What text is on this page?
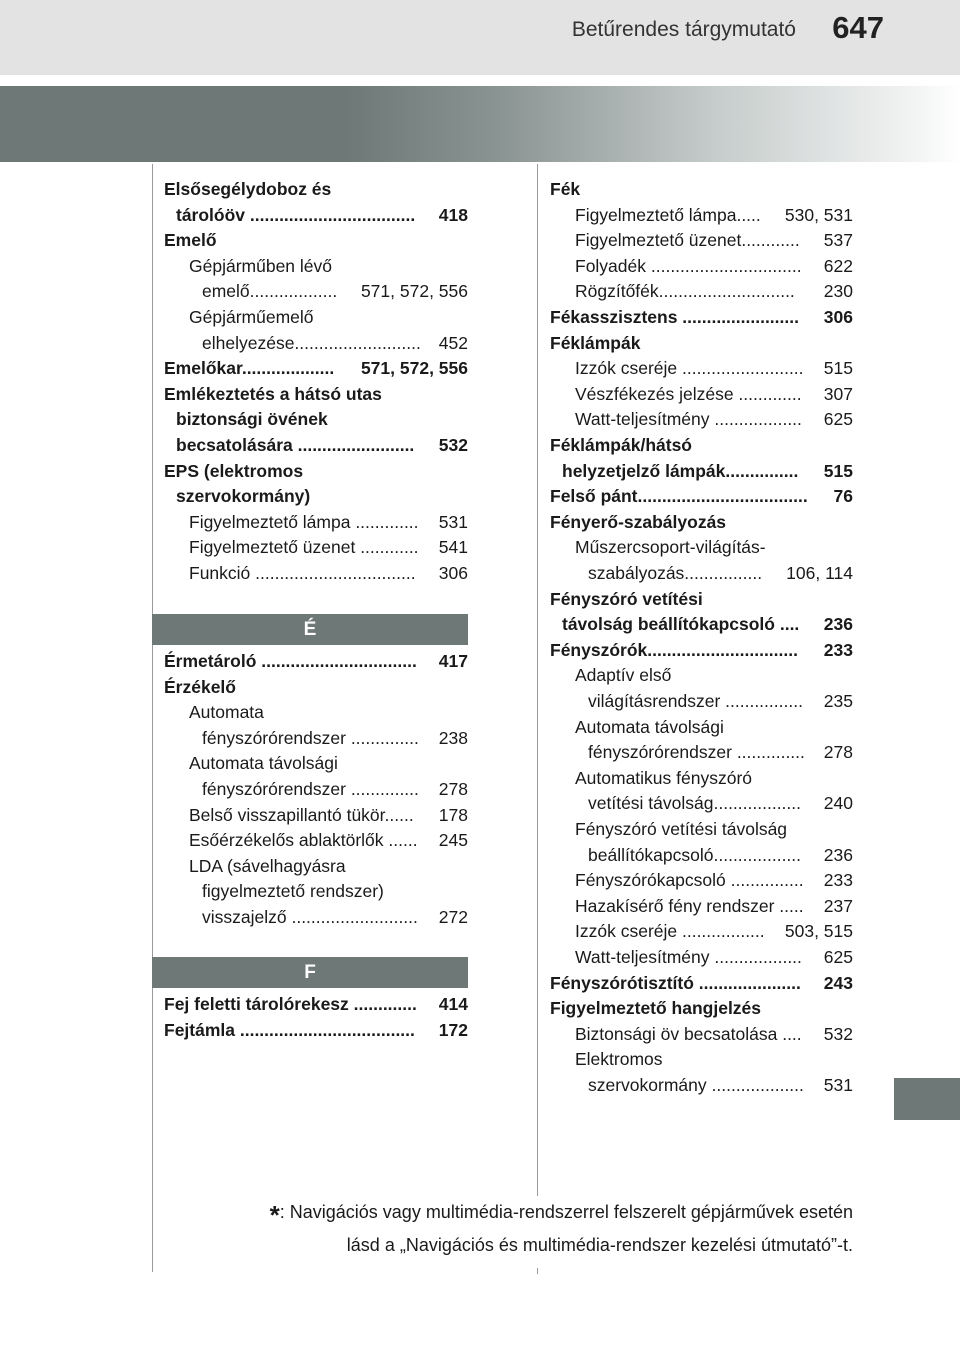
Betűrendes tárgymutató 647
Elsősegélydoboz és
tárolóöv .................................. 418
Emelő
Gépjárműben lévő
emelő.................. 571, 572, 556
Gépjárműemelő
elhelyezése.......................... 452
Emelőkar................... 571, 572, 556
Emlékeztetés a hátsó utas
biztonsági övének
becsatolására ........................ 532
EPS (elektromos
szervokormány)
Figyelmeztető lámpa ............. 531
Figyelmeztető üzenet ............ 541
Funkció ................................. 306
É
Érmetároló ................................ 417
Érzékelő
Automata
fényszórórendszer .............. 238
Automata távolsági
fényszórórendszer .............. 278
Belső visszapillantó tükör...... 178
Esőérzékelős ablaktörlők ...... 245
LDA (sávelhagyásra
figyelmeztető rendszer)
visszajelző .......................... 272
F
Fej feletti tárolórekesz ............. 414
Fejtámla .................................... 172
Fék
Figyelmeztető lámpa..... 530, 531
Figyelmeztető üzenet............ 537
Folyadék ............................... 622
Rögzítőfék............................ 230
Fékasszisztens ........................ 306
Féklámpák
Izzók cseréje ......................... 515
Vészfékezés jelzése ............. 307
Watt-teljesítmény .................. 625
Féklámpák/hátsó
helyzetjelző lámpák............... 515
Felső pánt................................... 76
Fényerő-szabályozás
Műszercsoport-világítás-
szabályozás................ 106, 114
Fényszóró vetítési
távolság beállítókapcsoló .... 236
Fényszórók............................... 233
Adaptív első
világításrendszer ................ 235
Automata távolsági
fényszórórendszer .............. 278
Automatikus fényszóró
vetítési távolság.................. 240
Fényszóró vetítési távolság
beállítókapcsoló.................. 236
Fényszórókapcsoló ............... 233
Hazakísérő fény rendszer ..... 237
Izzók cseréje ................. 503, 515
Watt-teljesítmény .................. 625
Fényszórótisztító ..................... 243
Figyelmeztető hangjelzés
Biztonsági öv becsatolása .... 532
Elektromos
szervokormány ................... 531
*: Navigációs vagy multimédia-rendszerrel felszerelt gépjárművek esetén
lásd a „Navigációs és multimédia-rendszer kezelési útmutató”-t.
